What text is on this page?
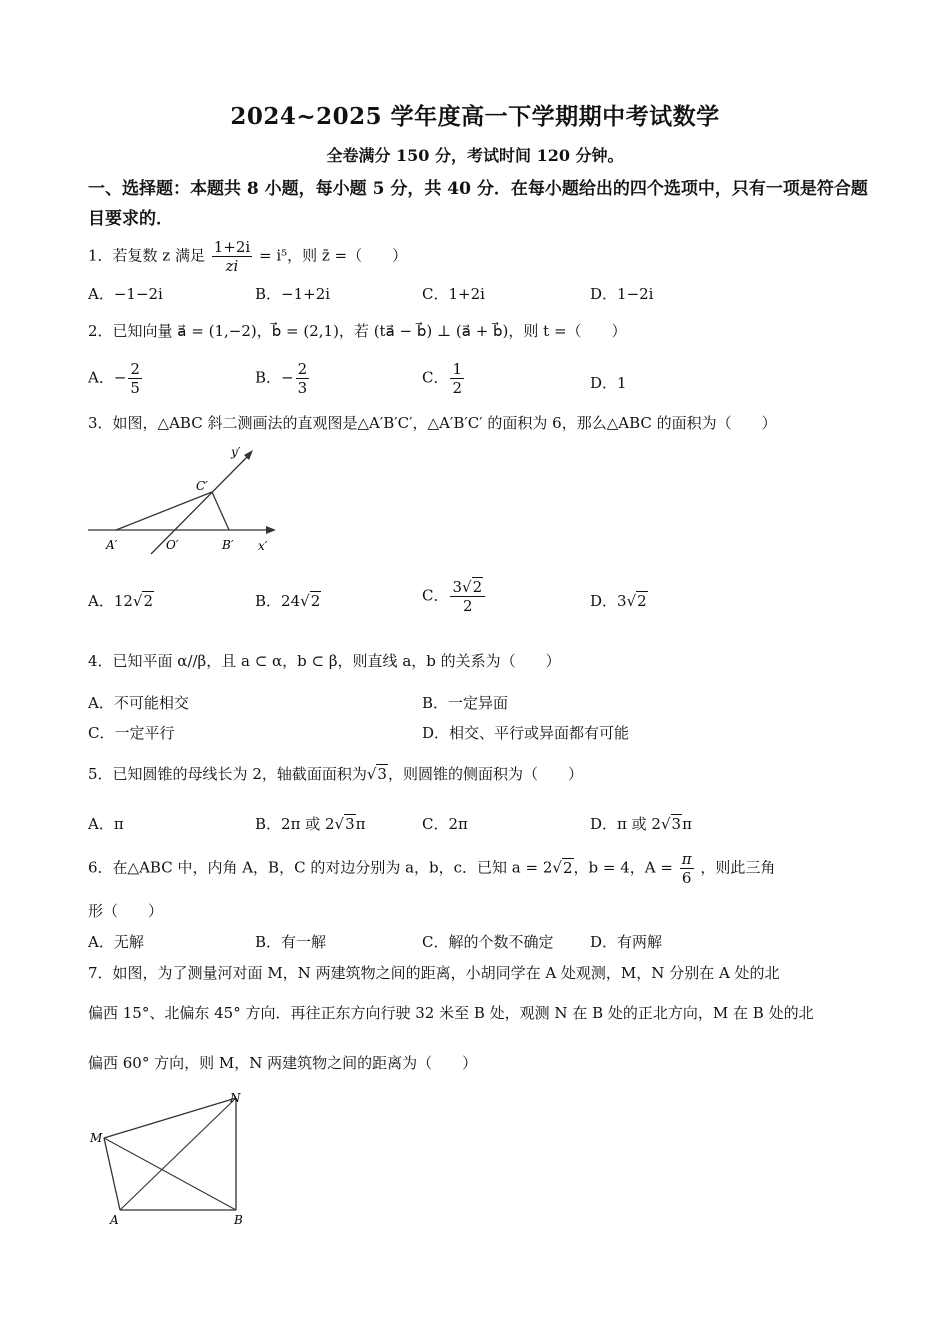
2024~2025 学年度高一下学期期中考试数学
全卷满分 150 分，考试时间 120 分钟。
一、选择题：本题共 8 小题，每小题 5 分，共 40 分．在每小题给出的四个选项中，只有一项是符合题目要求的．
1．若复数 z 满足 $\frac{1+2i}{zi} = i^5$，则 z̄ =（　　）
A．−1−2i	B．−1+2i	C．1+2i	D．1−2i
2．已知向量 a⃗ = (1,−2)，b⃗ = (2,1)，若 (ta⃗ − b⃗) ⊥ (a⃗ + b⃗)，则 t =（　　）
A．− $\frac{2}{5}$	B．− $\frac{2}{3}$	C． $\frac{1}{2}$	D．1
3．如图，△ABC 斜二测画法的直观图是△A′B′C′，△A′B′C′ 的面积为 6，那么△ABC 的面积为（　　）
y′
x′
A′	O′	B′
C′
A．12√2	B．24√2	C． $\frac{3√2}{2}$	D．3√2
4．已知平面 α//β，且 a ⊂ α，b ⊂ β，则直线 a，b 的关系为（　　）
A．不可能相交	B．一定异面
C．一定平行	D．相交、平行或异面都有可能
5．已知圆锥的母线长为 2，轴截面面积为√3，则圆锥的侧面积为（　　）
A．π	B．2π 或 2√3π	C．2π	D．π 或 2√3π
6．在△ABC 中，内角 A，B，C 的对边分别为 a，b，c．已知 a = 2√2，b = 4，$A = \frac{\pi}{6}$ ，则此三角
形（　　）
A．无解	B．有一解	C．解的个数不确定 D．有两解
7．如图，为了测量河对面 M，N 两建筑物之间的距离，小胡同学在 A 处观测，M，N 分别在 A 处的北
偏西 15°、北偏东 45° 方向．再往正东方向行驶 32 米至 B 处，观测 N 在 B 处的正北方向，M 在 B 处的北
偏西 60° 方向，则 M，N 两建筑物之间的距离为（　　）
M
N
A	B
